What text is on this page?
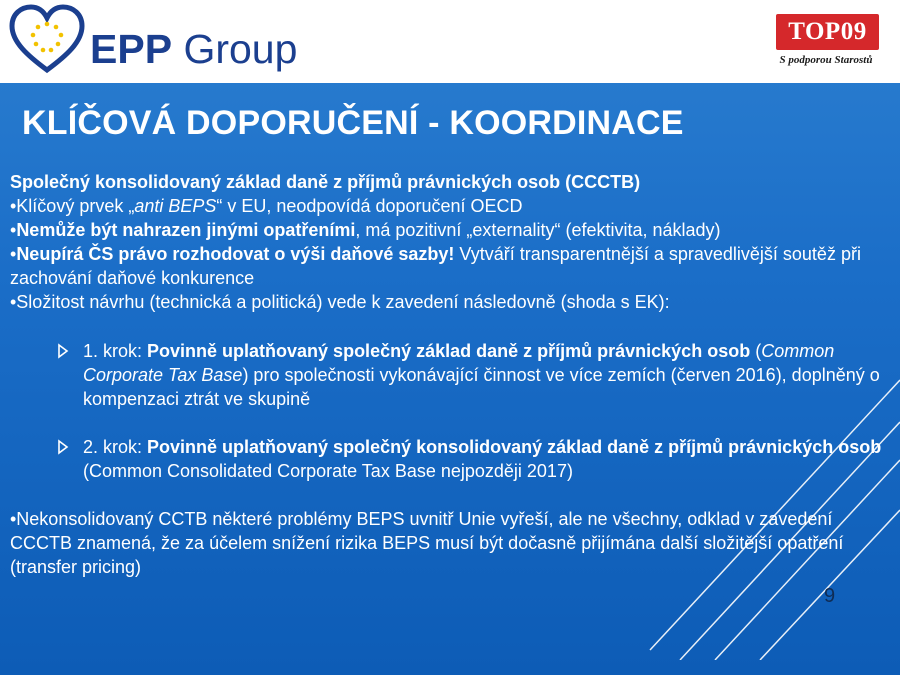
EPP Group	TOP09
S podporou Starostů
KLÍČOVÁ DOPORUČENÍ - KOORDINACE

Společný konsolidovaný základ daně z příjmů právnických osob (CCCTB)

•Klíčový prvek „anti BEPS“ v EU, neodpovídá doporučení OECD

•Nemůže být nahrazen jinými opatřeními, má pozitivní „externality“ (efektivita, náklady)

•Neupírá ČS právo rozhodovat o výši daňové sazby! Vytváří transparentnější a spravedlivější soutěž při zachování daňové konkurence

•Složitost návrhu (technická a politická) vede k zavedení následovně (shoda s EK):

1. krok: Povinně uplatňovaný společný základ daně z příjmů právnických osob (Common Corporate Tax Base) pro společnosti vykonávající činnost ve více zemích (červen 2016), doplněný o kompenzaci ztrát ve skupině

2. krok: Povinně uplatňovaný společný konsolidovaný základ daně z příjmů právnických osob (Common Consolidated Corporate Tax Base nejpozději 2017)

•Nekonsolidovaný CCTB některé problémy BEPS uvnitř Unie vyřeší, ale ne všechny, odklad v zavedení CCCTB znamená, že za účelem snížení rizika BEPS musí být dočasně přijímána další složitější opatření (transfer pricing)

9
